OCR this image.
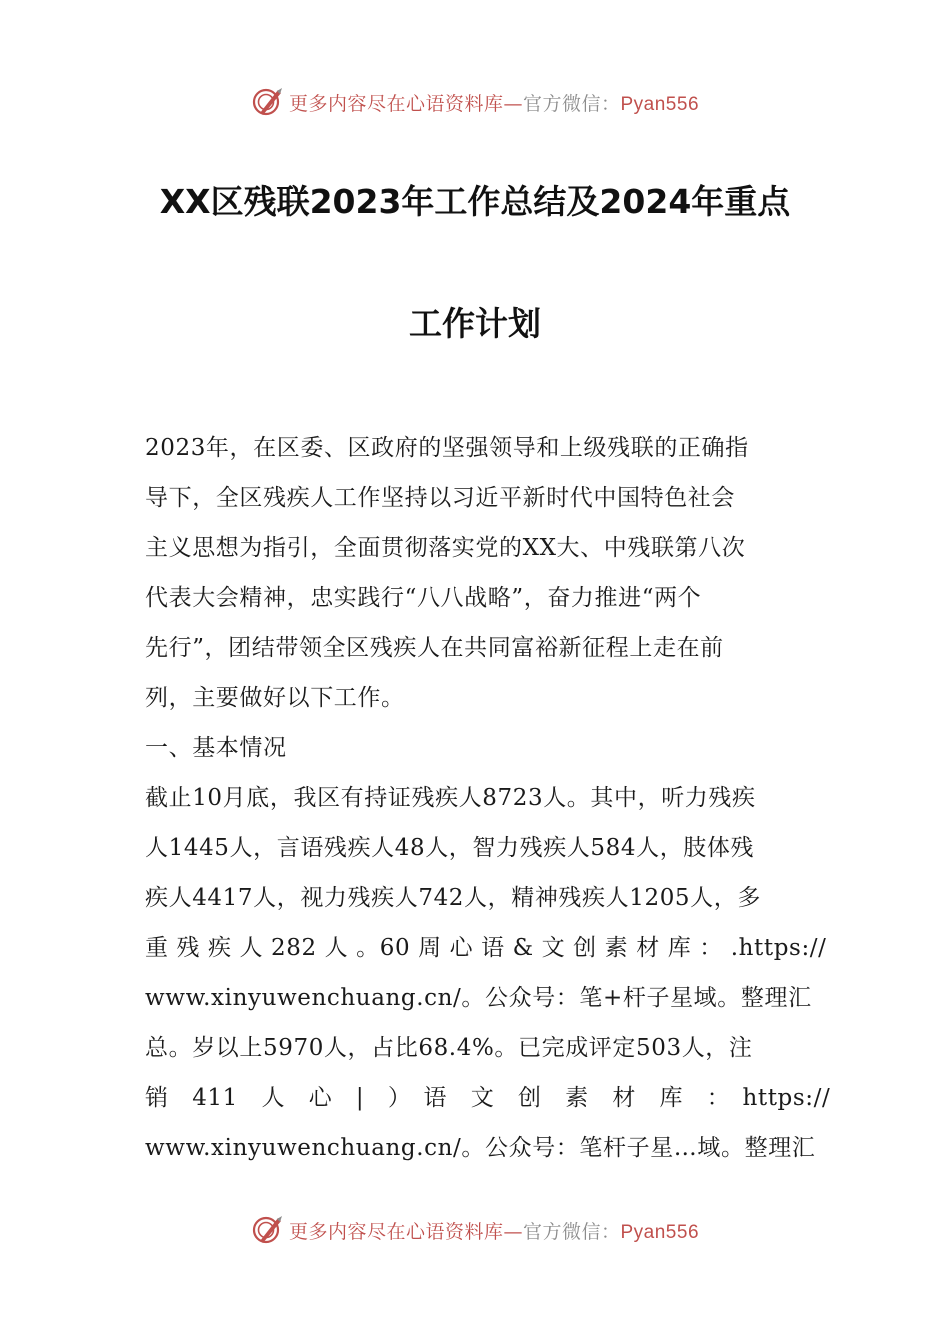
更多内容尽在心语资料库—官方微信：Pyan556
XX区残联2023年工作总结及2024年重点
工作计划
2023年，在区委、区政府的坚强领导和上级残联的正确指
导下，全区残疾人工作坚持以习近平新时代中国特色社会
主义思想为指引，全面贯彻落实党的XX大、中残联第八次
代表大会精神，忠实践行“八八战略”，奋力推进“两个
先行”，团结带领全区残疾人在共同富裕新征程上走在前
列，主要做好以下工作。
一、基本情况
截止10月底，我区有持证残疾人8723人。其中，听力残疾
人1445人，言语残疾人48人，智力残疾人584人，肢体残
疾人4417人，视力残疾人742人，精神残疾人1205人，多
重 残 疾 人 282 人 。60 周 心 语 & 文 创 素 材 库 ： .https://
www.xinyuwenchuang.cn/。公众号：笔+杆子星域。整理汇
总。岁以上5970人，占比68.4%。已完成评定503人，注
销　411　人　心　|　）　语　文　创　素　材　库　：　https://
www.xinyuwenchuang.cn/。公众号：笔杆子星…域。整理汇
更多内容尽在心语资料库—官方微信：Pyan556
